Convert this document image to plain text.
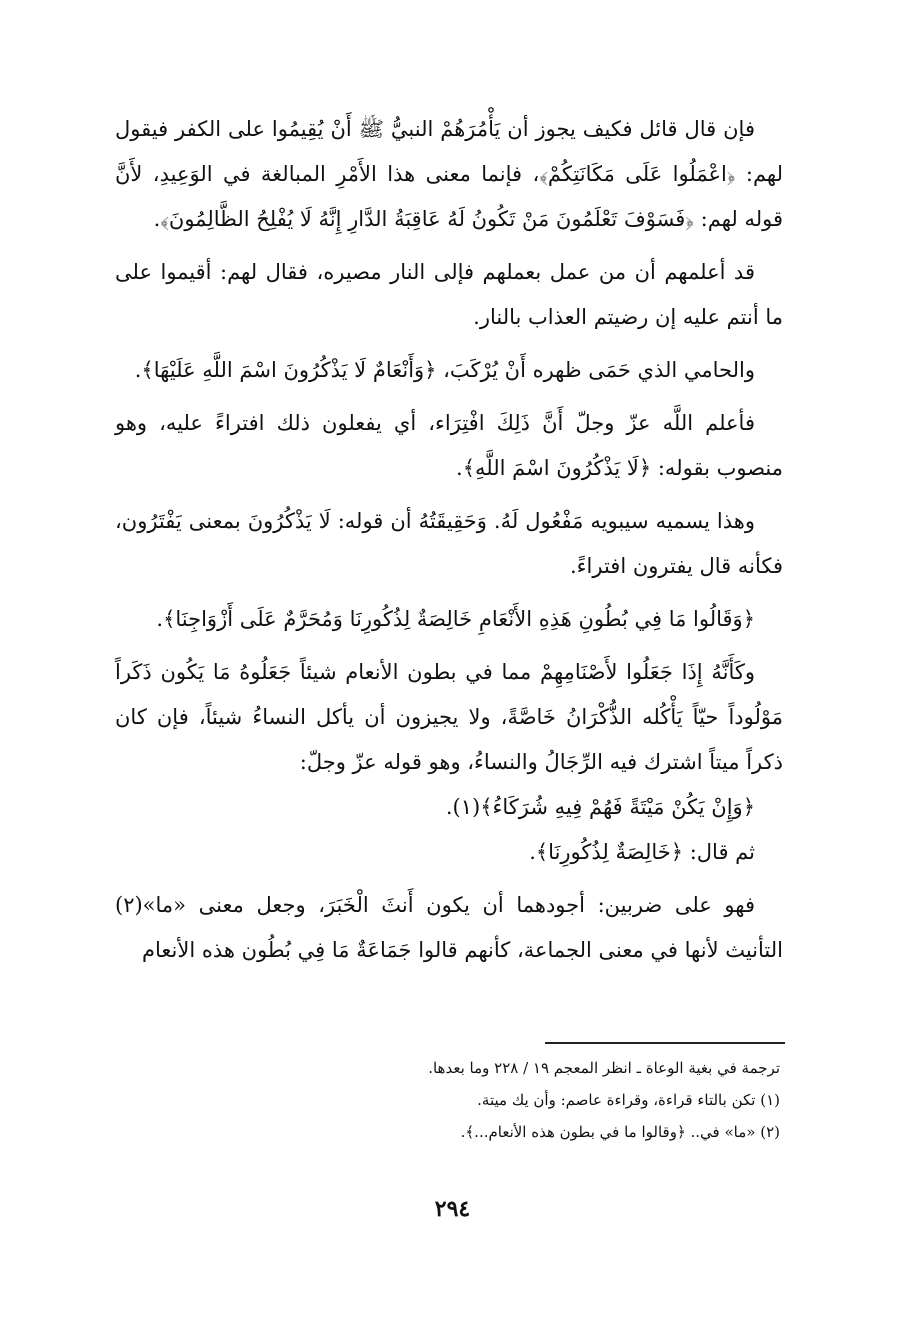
فإن قال قائل فكيف يجوز أن يَأْمُرَهُمْ النبيُّ ﷺ أَنْ يُقِيمُوا على الكفر فيقول لهم: ﴿اعْمَلُوا عَلَى مَكَانَتِكُمْ﴾، فإنما معنى هذا الأَمْرِ المبالغة في الوَعِيدِ، لأَنَّ قوله لهم: ﴿فَسَوْفَ تَعْلَمُونَ مَنْ تَكُونُ لَهُ عَاقِبَةُ الدَّارِ إِنَّهُ لَا يُفْلِحُ الظَّالِمُونَ﴾.

قد أعلمهم أن من عمل بعملهم فإلى النار مصيره، فقال لهم: أقيموا على ما أنتم عليه إن رضيتم العذاب بالنار.

والحامي الذي حَمَى ظهره أَنْ يُرْكَبَ، ﴿وَأَنْعَامٌ لَا يَذْكُرُونَ اسْمَ اللَّهِ عَلَيْهَا﴾.

فأعلم اللَّه عزّ وجلّ أَنَّ ذَلِكَ افْتِرَاء، أي يفعلون ذلك افتراءً عليه، وهو منصوب بقوله: ﴿لَا يَذْكُرُونَ اسْمَ اللَّهِ﴾.

وهذا يسميه سيبويه مَفْعُول لَهُ. وَحَقِيقَتُهُ أن قوله: لَا يَذْكُرُونَ بمعنى يَفْتَرُون، فكأنه قال يفترون افتراءً.

﴿وَقَالُوا مَا فِي بُطُونِ هَذِهِ الأَنْعَامِ خَالِصَةٌ لِذُكُورِنَا وَمُحَرَّمٌ عَلَى أَزْوَاجِنَا﴾.

وكَأَنَّهُ إِذَا جَعَلُوا لأَصْنَامِهِمْ مما في بطون الأنعام شيئاً جَعَلُوهُ مَا يَكُون ذَكَراً مَوْلُوداً حيّاً يَأْكُله الذُّكْرَانُ خَاصَّةً، ولا يجيزون أن يأكل النساءُ شيئاً، فإن كان ذكراً ميتاً اشترك فيه الرِّجَالُ والنساءُ، وهو قوله عزّ وجلّ:

﴿وَإِنْ يَكُنْ مَيْتَةً فَهُمْ فِيهِ شُرَكَاءُ﴾(١).

ثم قال: ﴿خَالِصَةٌ لِذُكُورِنَا﴾.

فهو على ضربين: أجودهما أن يكون أَنثَ الْخَبَرَ، وجعل معنى «ما»(٢) التأنيث لأنها في معنى الجماعة، كأنهم قالوا جَمَاعَةٌ مَا فِي بُطُون هذه الأنعام

ترجمة في بغية الوعاة ـ انظر المعجم ١٩ / ٢٢٨ وما بعدها.

(١) تكن بالتاء قراءة، وقراءة عاصم: وأن يك ميتة.

(٢) «ما» في.. ﴿وقالوا ما في بطون هذه الأنعام...﴾.

٢٩٤
